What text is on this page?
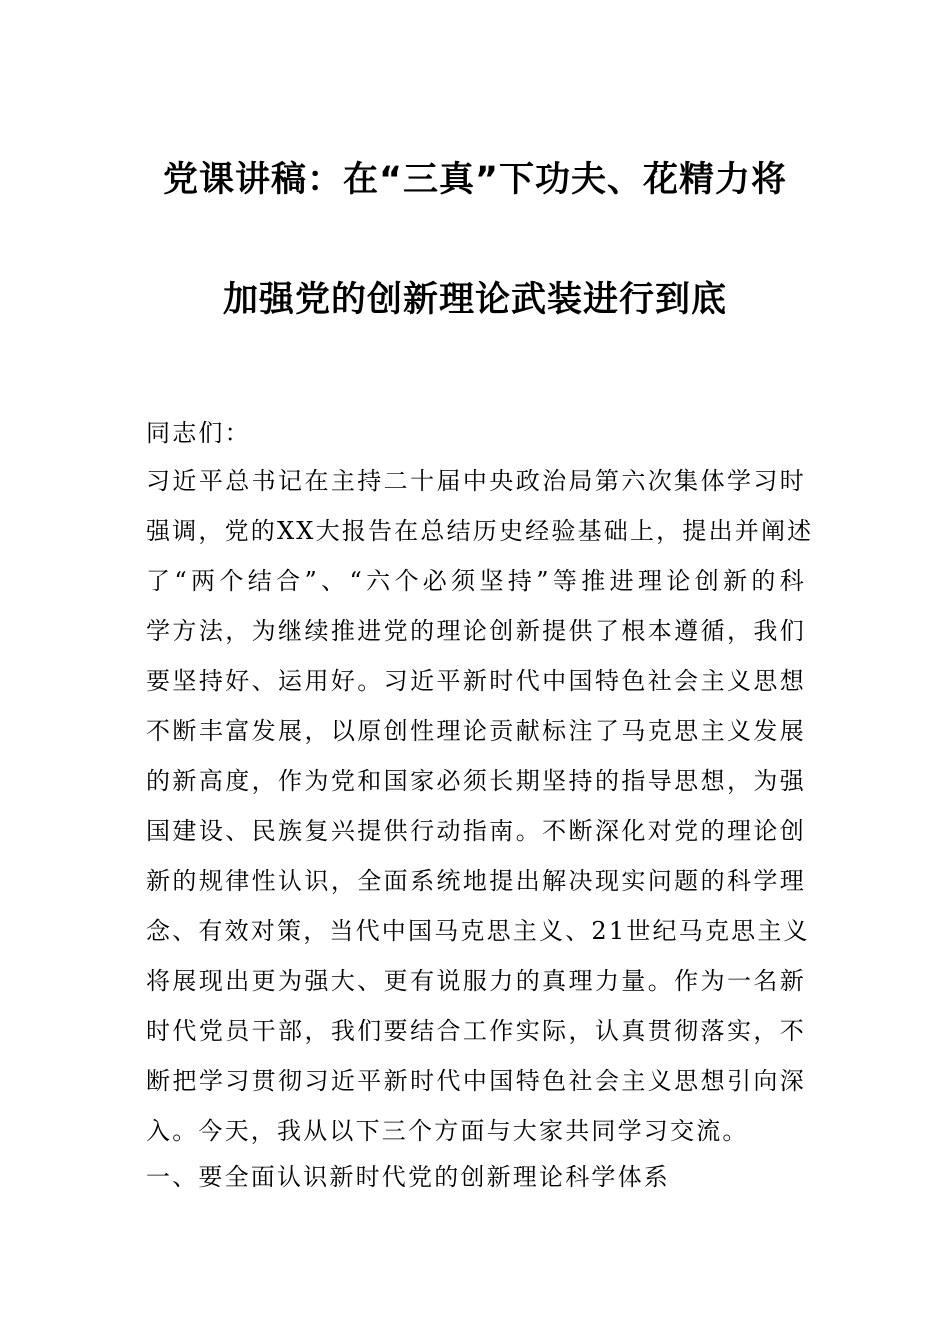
党课讲稿：在“三真”下功夫、花精力将
加强党的创新理论武装进行到底
同志们：
习近平总书记在主持二十届中央政治局第六次集体学习时
强调，党的XX大报告在总结历史经验基础上，提出并阐述
了“两个结合”、“六个必须坚持”等推进理论创新的科
学方法，为继续推进党的理论创新提供了根本遵循，我们
要坚持好、运用好。习近平新时代中国特色社会主义思想
不断丰富发展，以原创性理论贡献标注了马克思主义发展
的新高度，作为党和国家必须长期坚持的指导思想，为强
国建设、民族复兴提供行动指南。不断深化对党的理论创
新的规律性认识，全面系统地提出解决现实问题的科学理
念、有效对策，当代中国马克思主义、21世纪马克思主义
将展现出更为强大、更有说服力的真理力量。作为一名新
时代党员干部，我们要结合工作实际，认真贯彻落实，不
断把学习贯彻习近平新时代中国特色社会主义思想引向深
入。今天，我从以下三个方面与大家共同学习交流。
一、要全面认识新时代党的创新理论科学体系
